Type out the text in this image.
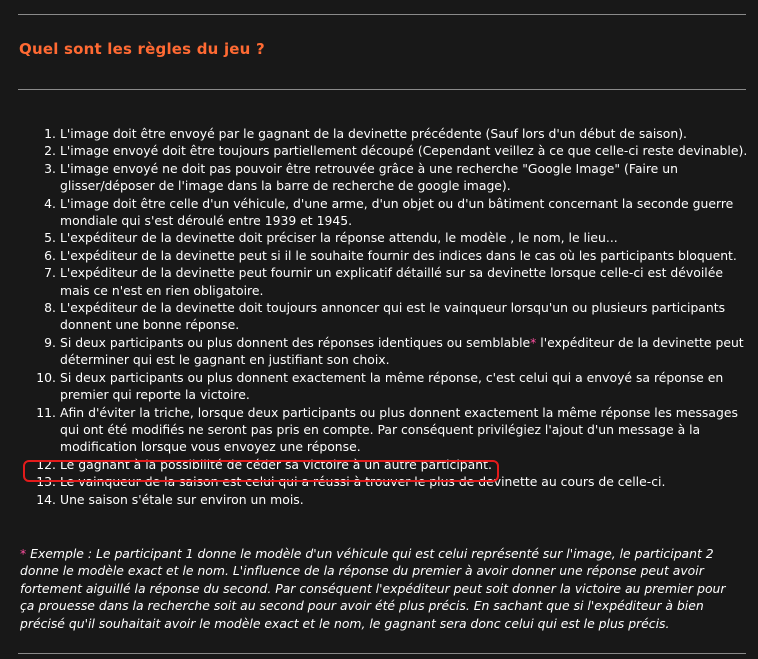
Quel sont les règles du jeu ?
1. L'image doit être envoyé par le gagnant de la devinette précédente (Sauf lors d'un début de saison).
2. L'image envoyé doit être toujours partiellement découpé (Cependant veillez à ce que celle-ci reste devinable).
3. L'image envoyé ne doit pas pouvoir être retrouvée grâce à une recherche "Google Image" (Faire un glisser/déposer de l'image dans la barre de recherche de google image).
4. L'image doit être celle d'un véhicule, d'une arme, d'un objet ou d'un bâtiment concernant la seconde guerre mondiale qui s'est déroulé entre 1939 et 1945.
5. L'expéditeur de la devinette doit préciser la réponse attendu, le modèle , le nom, le lieu...
6. L'expéditeur de la devinette peut si il le souhaite fournir des indices dans le cas où les participants bloquent.
7. L'expéditeur de la devinette peut fournir un explicatif détaillé sur sa devinette lorsque celle-ci est dévoilée mais ce n'est en rien obligatoire.
8. L'expéditeur de la devinette doit toujours annoncer qui est le vainqueur lorsqu'un ou plusieurs participants donnent une bonne réponse.
9. Si deux participants ou plus donnent des réponses identiques ou semblable* l'expéditeur de la devinette peut déterminer qui est le gagnant en justifiant son choix.
10. Si deux participants ou plus donnent exactement la même réponse, c'est celui qui a envoyé sa réponse en premier qui reporte la victoire.
11. Afin d'éviter la triche, lorsque deux participants ou plus donnent exactement la même réponse les messages qui ont été modifiés ne seront pas pris en compte. Par conséquent privilégiez l'ajout d'un message à la modification lorsque vous envoyez une réponse.
12. Le gagnant à la possibilité de céder sa victoire à un autre participant.
13. Le vainqueur de la saison est celui qui a réussi à trouver le plus de devinette au cours de celle-ci.
14. Une saison s'étale sur environ un mois.

* Exemple : Le participant 1 donne le modèle d'un véhicule qui est celui représenté sur l'image, le participant 2 donne le modèle exact et le nom. L'influence de la réponse du premier à avoir donner une réponse peut avoir fortement aiguillé la réponse du second. Par conséquent l'expéditeur peut soit donner la victoire au premier pour ça prouesse dans la recherche soit au second pour avoir été plus précis. En sachant que si l'expéditeur à bien précisé qu'il souhaitait avoir le modèle exact et le nom, le gagnant sera donc celui qui est le plus précis.
